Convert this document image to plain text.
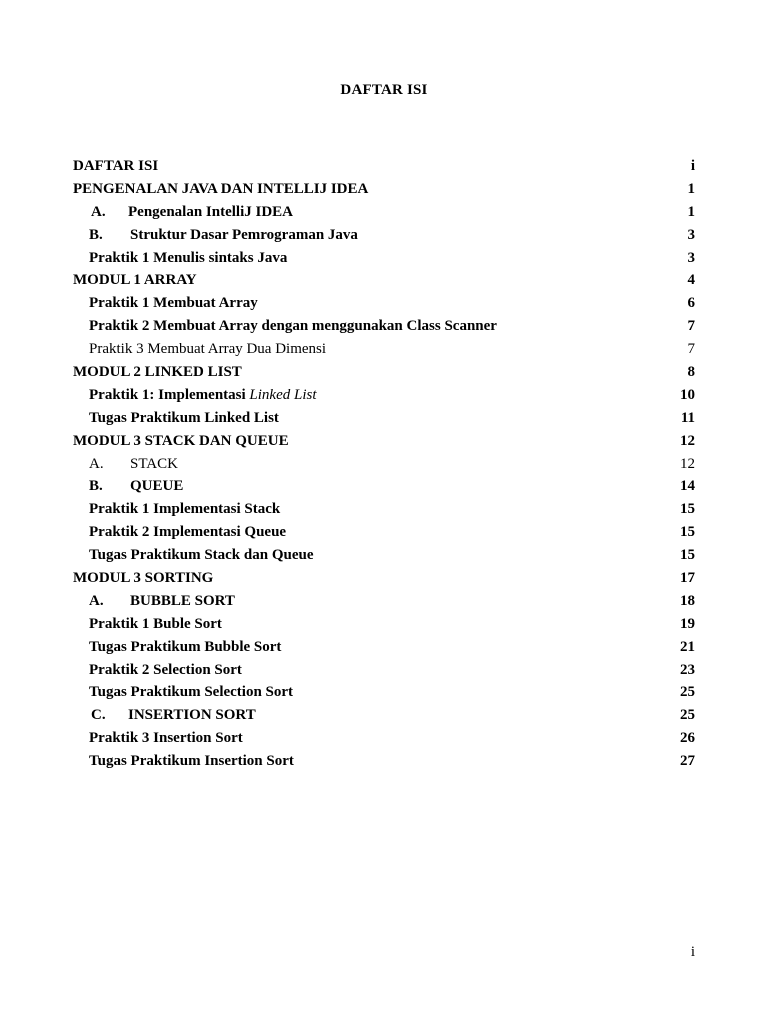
DAFTAR ISI
DAFTAR ISI	i
PENGENALAN JAVA DAN INTELLIJ IDEA	1
A. Pengenalan IntelliJ IDEA	1
B. Struktur Dasar Pemrograman Java	3
Praktik 1 Menulis sintaks Java	3
MODUL 1 ARRAY	4
Praktik 1 Membuat Array	6
Praktik 2 Membuat Array dengan menggunakan Class Scanner	7
Praktik 3 Membuat Array Dua Dimensi	7
MODUL 2 LINKED LIST	8
Praktik 1: Implementasi Linked List	10
Tugas Praktikum Linked List	11
MODUL 3 STACK DAN QUEUE	12
A. STACK	12
B. QUEUE	14
Praktik 1 Implementasi Stack	15
Praktik 2 Implementasi Queue	15
Tugas Praktikum Stack dan Queue	15
MODUL 3 SORTING	17
A. BUBBLE SORT	18
Praktik 1 Buble Sort	19
Tugas Praktikum Bubble Sort	21
Praktik 2 Selection Sort	23
Tugas Praktikum Selection Sort	25
C. INSERTION SORT	25
Praktik 3 Insertion Sort	26
Tugas Praktikum Insertion Sort	27
i
